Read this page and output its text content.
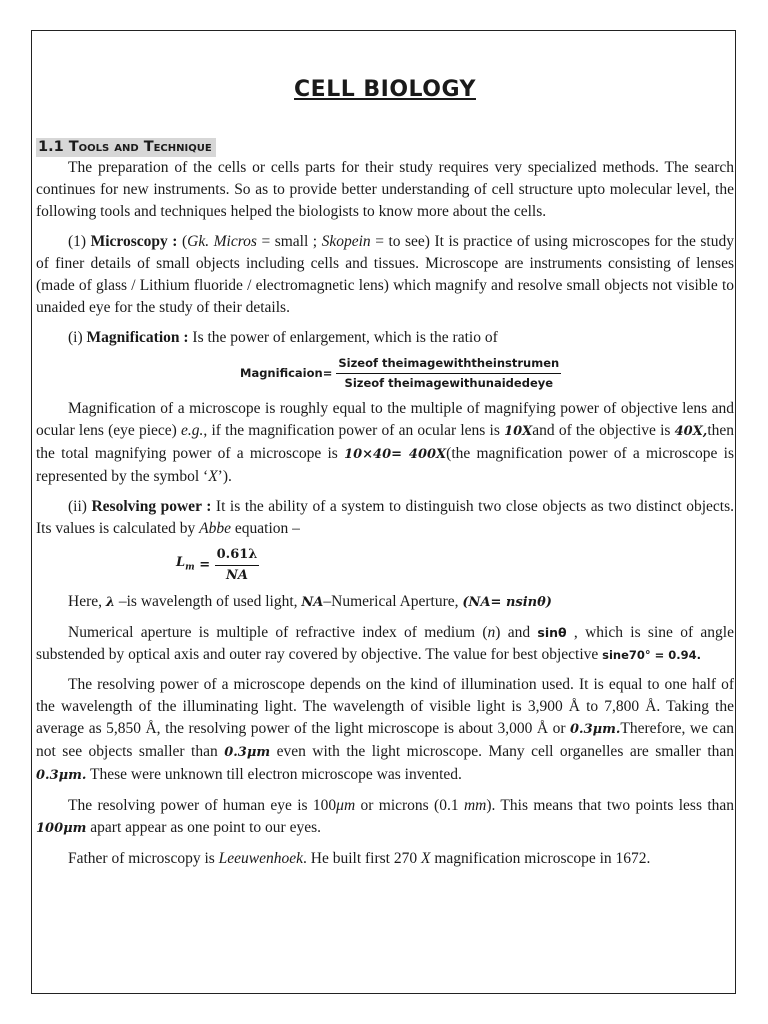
CELL BIOLOGY
1.1 Tools and Technique

The preparation of the cells or cells parts for their study requires very specialized methods. The search continues for new instruments. So as to provide better understanding of cell structure upto molecular level, the following tools and techniques helped the biologists to know more about the cells.

(1) Microscopy : (Gk. Micros = small ; Skopein = to see) It is practice of using microscopes for the study of finer details of small objects including cells and tissues. Microscope are instruments consisting of lenses (made of glass / Lithium fluoride / electromagnetic lens) which magnify and resolve small objects not visible to unaided eye for the study of their details.

(i) Magnification : Is the power of enlargement, which is the ratio of

Magnificaion= $\frac{\text{Sizeof theimagewiththeinstrumen}}{\text{Sizeof theimagewithunaidedeye}}$

Magnification of a microscope is roughly equal to the multiple of magnifying power of objective lens and ocular lens (eye piece) e.g., if the magnification power of an ocular lens is 10Xand of the objective is 40X,then the total magnifying power of a microscope is 10×40= 400X(the magnification power of a microscope is represented by the symbol ‘X’).

(ii) Resolving power : It is the ability of a system to distinguish two close objects as two distinct objects. Its values is calculated by Abbe equation –

$L_m = \frac{0.61\lambda}{NA}$

Here, λ –is wavelength of used light, NA–Numerical Aperture, (NA= nsinθ)

Numerical aperture is multiple of refractive index of medium (n) and sinθ , which is sine of angle substended by optical axis and outer ray covered by objective. The value for best objective sine70° = 0.94.

The resolving power of a microscope depends on the kind of illumination used. It is equal to one half of the wavelength of the illuminating light. The wavelength of visible light is 3,900 Å to 7,800 Å. Taking the average as 5,850 Å, the resolving power of the light microscope is about 3,000 Å or 0.3μm.Therefore, we can not see objects smaller than 0.3μm even with the light microscope. Many cell organelles are smaller than 0.3μm. These were unknown till electron microscope was invented.

The resolving power of human eye is 100μm or microns (0.1 mm). This means that two points less than 100μm apart appear as one point to our eyes.

Father of microscopy is Leeuwenhoek. He built first 270 X magnification microscope in 1672.
